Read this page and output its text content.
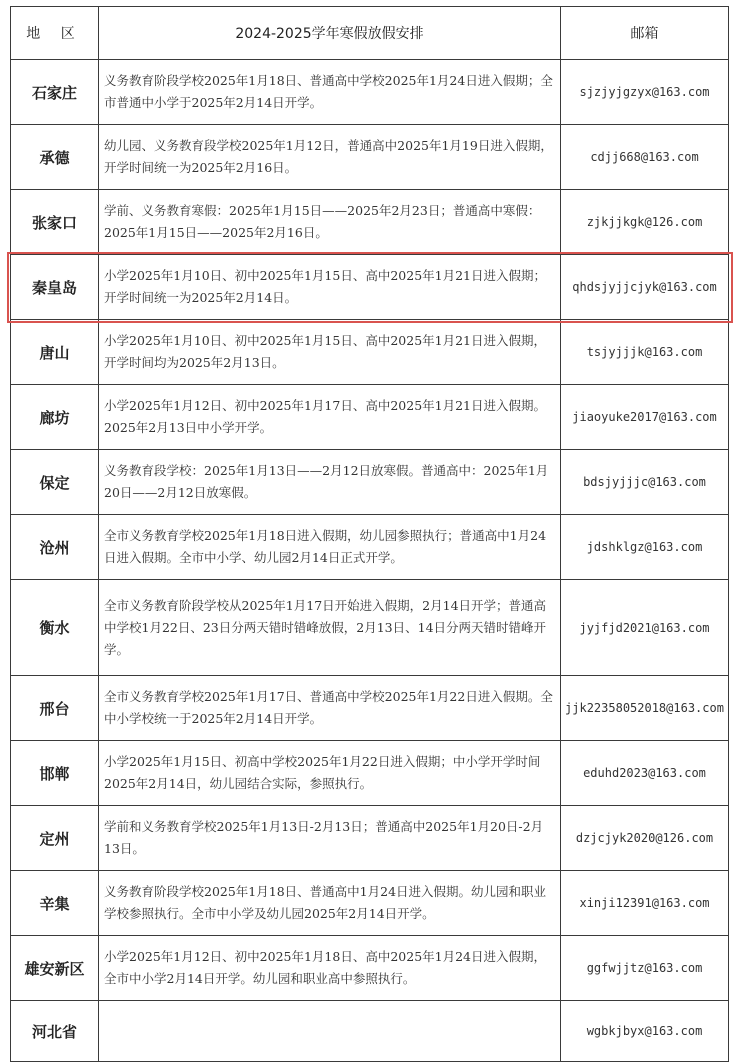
地 区	2024-2025学年寒假放假安排	邮箱
石家庄	义务教育阶段学校2025年1月18日、普通高中学校2025年1月24日进入假期；全市普通中小学于2025年2月14日开学。	sjzjyjgzyx@163.com
承德	幼儿园、义务教育段学校2025年1月12日，普通高中2025年1月19日进入假期，开学时间统一为2025年2月16日。	cdjj668@163.com
张家口	学前、义务教育寒假：2025年1月15日——2025年2月23日；普通高中寒假：2025年1月15日——2025年2月16日。	zjkjjkgk@126.com
秦皇岛	小学2025年1月10日、初中2025年1月15日、高中2025年1月21日进入假期；开学时间统一为2025年2月14日。	qhdsjyjjcjyk@163.com
唐山	小学2025年1月10日、初中2025年1月15日、高中2025年1月21日进入假期，开学时间均为2025年2月13日。	tsjyjjjk@163.com
廊坊	小学2025年1月12日、初中2025年1月17日、高中2025年1月21日进入假期。2025年2月13日中小学开学。	jiaoyuke2017@163.com
保定	义务教育段学校：2025年1月13日——2月12日放寒假。普通高中：2025年1月20日——2月12日放寒假。	bdsjyjjjc@163.com
沧州	全市义务教育学校2025年1月18日进入假期，幼儿园参照执行；普通高中1月24日进入假期。全市中小学、幼儿园2月14日正式开学。	jdshklgz@163.com
衡水	全市义务教育阶段学校从2025年1月17日开始进入假期，2月14日开学；普通高中学校1月22日、23日分两天错时错峰放假，2月13日、14日分两天错时错峰开学。	jyjfjd2021@163.com
邢台	全市义务教育学校2025年1月17日、普通高中学校2025年1月22日进入假期。全中小学校统一于2025年2月14日开学。	jjk22358052018@163.com
邯郸	小学2025年1月15日、初高中学校2025年1月22日进入假期；中小学开学时间2025年2月14日，幼儿园结合实际，参照执行。	eduhd2023@163.com
定州	学前和义务教育学校2025年1月13日-2月13日；普通高中2025年1月20日-2月13日。	dzjcjyk2020@126.com
辛集	义务教育阶段学校2025年1月18日、普通高中1月24日进入假期。幼儿园和职业学校参照执行。全市中小学及幼儿园2025年2月14日开学。	xinji12391@163.com
雄安新区	小学2025年1月12日、初中2025年1月18日、高中2025年1月24日进入假期，全市中小学2月14日开学。幼儿园和职业高中参照执行。	ggfwjjtz@163.com
河北省		wgbkjbyx@163.com
